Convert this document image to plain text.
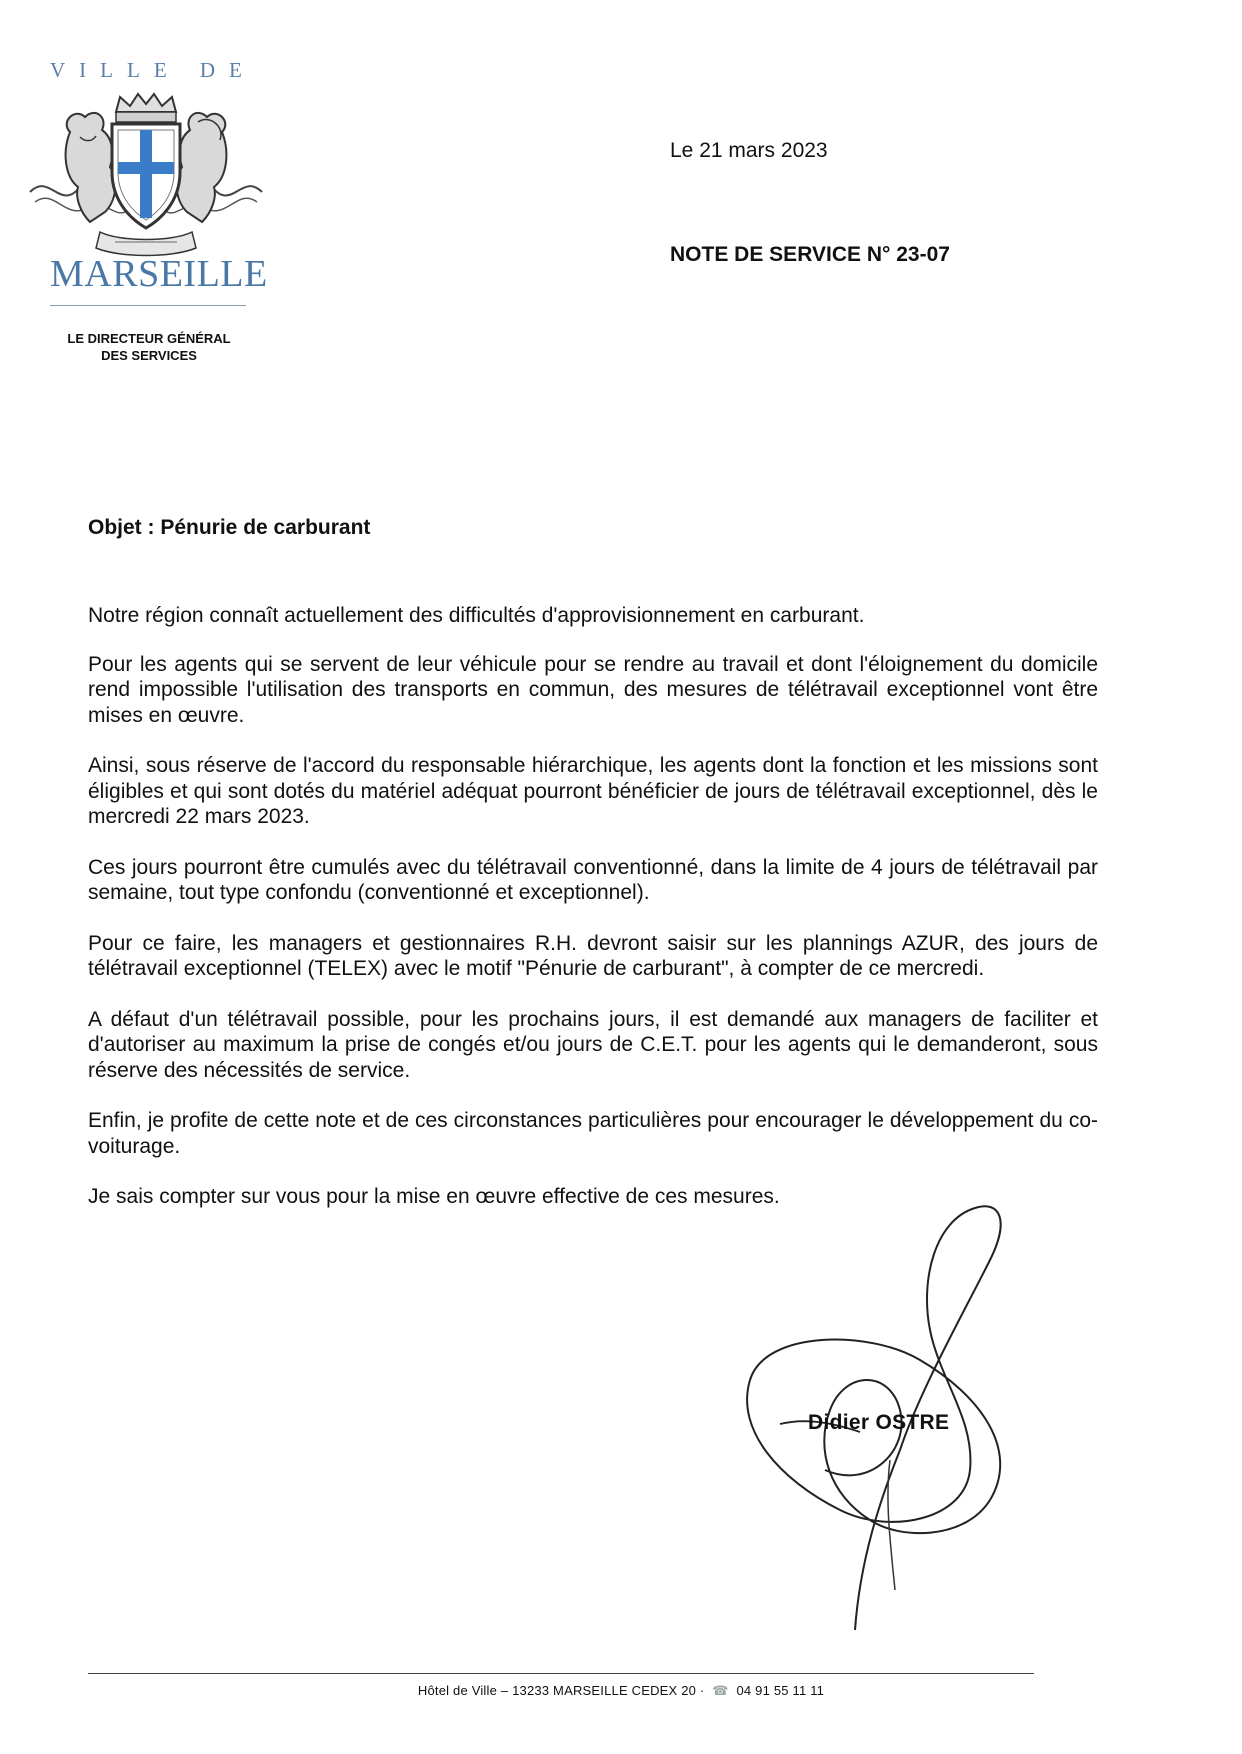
VILLE DE
MARSEILLE
LE DIRECTEUR GÉNÉRAL
DES SERVICES
Le 21 mars 2023
NOTE DE SERVICE N° 23-07
Objet : Pénurie de carburant

Notre région connaît actuellement des difficultés d'approvisionnement en carburant.

Pour les agents qui se servent de leur véhicule pour se rendre au travail et dont l'éloignement du domicile rend impossible l'utilisation des transports en commun, des mesures de télétravail exceptionnel vont être mises en œuvre.

Ainsi, sous réserve de l'accord du responsable hiérarchique, les agents dont la fonction et les missions sont éligibles et qui sont dotés du matériel adéquat pourront bénéficier de jours de télétravail exceptionnel, dès le mercredi 22 mars 2023.

Ces jours pourront être cumulés avec du télétravail conventionné, dans la limite de 4 jours de télétravail par semaine, tout type confondu (conventionné et exceptionnel).

Pour ce faire, les managers et gestionnaires R.H. devront saisir sur les plannings AZUR, des jours de télétravail exceptionnel (TELEX) avec le motif "Pénurie de carburant", à compter de ce mercredi.

A défaut d'un télétravail possible, pour les prochains jours, il est demandé aux managers de faciliter et d'autoriser au maximum la prise de congés et/ou jours de C.E.T. pour les agents qui le demanderont, sous réserve des nécessités de service.

Enfin, je profite de cette note et de ces circonstances particulières pour encourager le développement du co-voiturage.

Je sais compter sur vous pour la mise en œuvre effective de ces mesures.

Didier OSTRE
Hôtel de Ville – 13233 MARSEILLE CEDEX 20 · ☎ 04 91 55 11 11
